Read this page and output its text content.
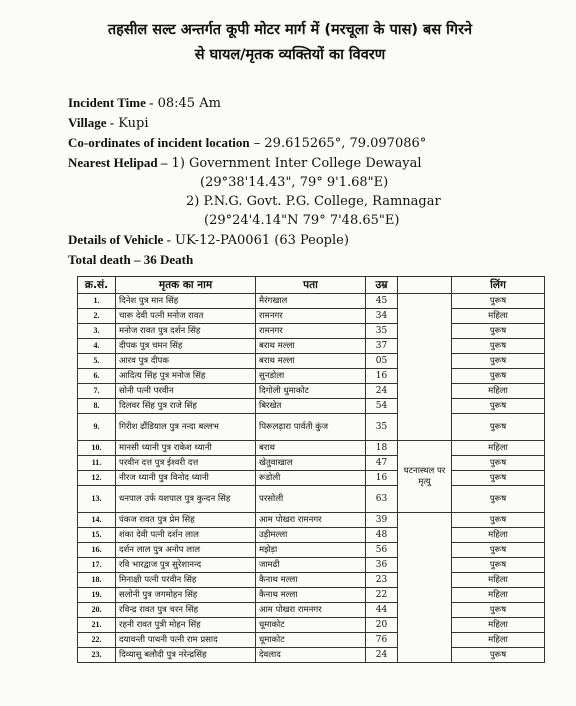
तहसील सल्ट अन्तर्गत कूपी मोटर मार्ग में (मरचूला के पास) बस गिरने
से घायल/मृतक व्यक्तियों का विवरण
Incident Time - 08:45 Am
Village - Kupi
Co-ordinates of incident location – 29.615265°, 79.097086°
Nearest Helipad – 1) Government Inter College Dewayal
(29°38'14.43", 79° 9'1.68"E)
2) P.N.G. Govt. P.G. College, Ramnagar
(29°24'4.14"N 79° 7'48.65"E)
Details of Vehicle - UK-12-PA0061 (63 People)
Total death – 36 Death
क्र.सं.	मृतक का नाम	पता	उम्र		लिंग
1.	दिनेश पुत्र मान सिंह	मैरंगखाल	45		पुरूष
2.	चारू देवी पत्नी मनोज रावत	रामनगर	34		महिला
3.	मनोज रावत पुत्र दर्शन सिंह	रामनगर	35		पुरूष
4.	दीपक पुत्र चमन सिंह	बराथ मल्ला	37		पुरूष
5.	आरव पुत्र दीपक	बराथ मल्ला	05		पुरूष
6.	आदित्य सिंह पुत्र मनोज सिंह	सुनडोला	16		पुरूष
7.	सोनी पत्नी परवीन	दिगोली धुमाकोट	24		महिला
8.	दिलवर सिंह पुत्र राजे सिंह	बिरखेत	54		पुरूष
9.	गिरीश ढौंडियाल पुत्र नन्दा बल्लभ	पिरूलढ़ारा पार्वती कुंज	35		पुरूष
10.	मानसी ध्यानी पुत्र राकेश ध्यानी	बराथ	18	घटनास्थल पर मृत्यु	महिला
11.	परवीन दत्त पुत्र ईश्वरी दत्त	खेतुवाखाल	47		पुरूष
12.	नीरज ध्यानी पुत्र विनोद ध्यानी	रूडोली	16		पुरूष
13.	धनपाल उर्फ यशपाल पुत्र कुन्दन सिंह	परसोली	63		पुरूष
14.	पंकज रावत पुत्र प्रेम सिंह	आम पोखरा रामनगर	39		पुरूष
15.	शंका देवी पत्नी दर्शन लाल	उड़ीमल्ला	48		महिला
16.	दर्शन लाल पुत्र अनोप लाल	मझेड़ा	56		पुरूष
17.	रवि भारद्वाज पुत्र सुरेशानन्द	जामढी	36		पुरूष
18.	मिनाक्षी पत्नी परवीन सिंह	कैनाथ मल्ला	23		महिला
19.	सलोनी पुत्र जगमोहन सिंह	कैनाथ मल्ला	22		महिला
20.	रविन्द्र रावत पुत्र चरन सिंह	आम पोखरा रामनगर	44		पुरूष
21.	रहनी रावत पुत्री मोहन सिंह	धूमाकोट	20		महिला
22.	दयावन्ती पाथनी पत्नी राम प्रसाद	धूमाकोट	76		महिला
23.	दिव्यासु बलौदी पुत्र नरेन्द्रसिंह	देवलाद	24		पुरूष
